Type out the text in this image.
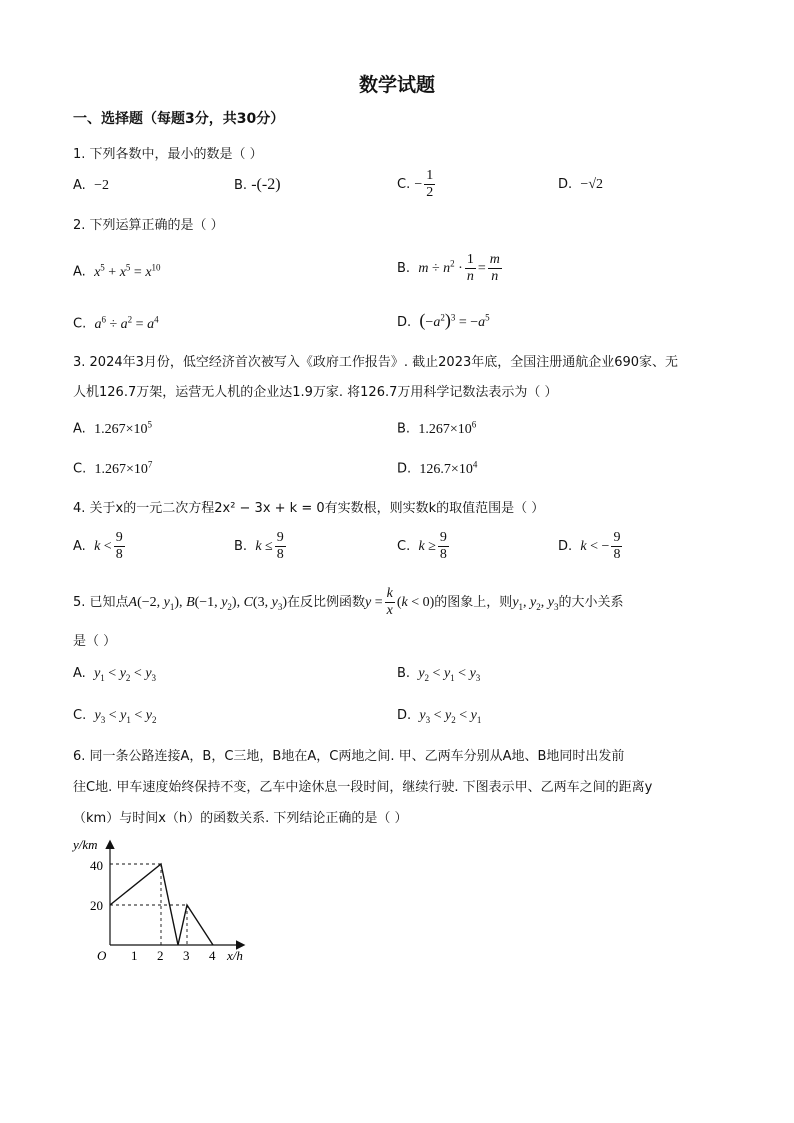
数学试题
一、选择题（每题3分，共30分）
1. 下列各数中，最小的数是（ ）
A. −2	B. -(-2)	C. − $\frac{1}{2}$	D. −√2
2. 下列运算正确的是（ ）
A. $x^5 + x^5 = x^{10}$	B. $m \div n^2 \cdot \frac{1}{n} = \frac{m}{n}$
C. $a^6 \div a^2 = a^4$	D. $(-a^2)^3 = -a^5$
3. 2024年3月份，低空经济首次被写入《政府工作报告》. 截止2023年底，全国注册通航企业690家、无
人机126.7万架，运营无人机的企业达1.9万家. 将126.7万用科学记数法表示为（ ）
A. $1.267\times 10^5$	B. $1.267\times 10^6$
C. $1.267\times 10^7$	D. $126.7\times 10^4$
4. 关于x的一元二次方程2x² − 3x + k = 0有实数根，则实数k的取值范围是（ ）
A. $k < \frac{9}{8}$	B. $k \le \frac{9}{8}$	C. $k \ge \frac{9}{8}$	D. k < − $\frac{9}{8}$
5. 已知点A(−2, $y_1$), B(−1, $y_2$), C(3, $y_3$)在反比例函数$y = \frac{k}{x} (k < 0)$的图象上，则$y_1$, $y_2$, $y_3$的大小关系
是（ ）
A. $y_1 < y_2 < y_3$	B. $y_2 < y_1 < y_3$
C. $y_3 < y_1 < y_2$	D. $y_3 < y_2 < y_1$
6. 同一条公路连接A，B，C三地，B地在A，C两地之间. 甲、乙两车分别从A地、B地同时出发前
往C地. 甲车速度始终保持不变，乙车中途休息一段时间，继续行驶. 下图表示甲、乙两车之间的距离y
（km）与时间x（h）的函数关系. 下列结论正确的是（ ）
y/km
40
20
O 1 2 3 4 x/h
